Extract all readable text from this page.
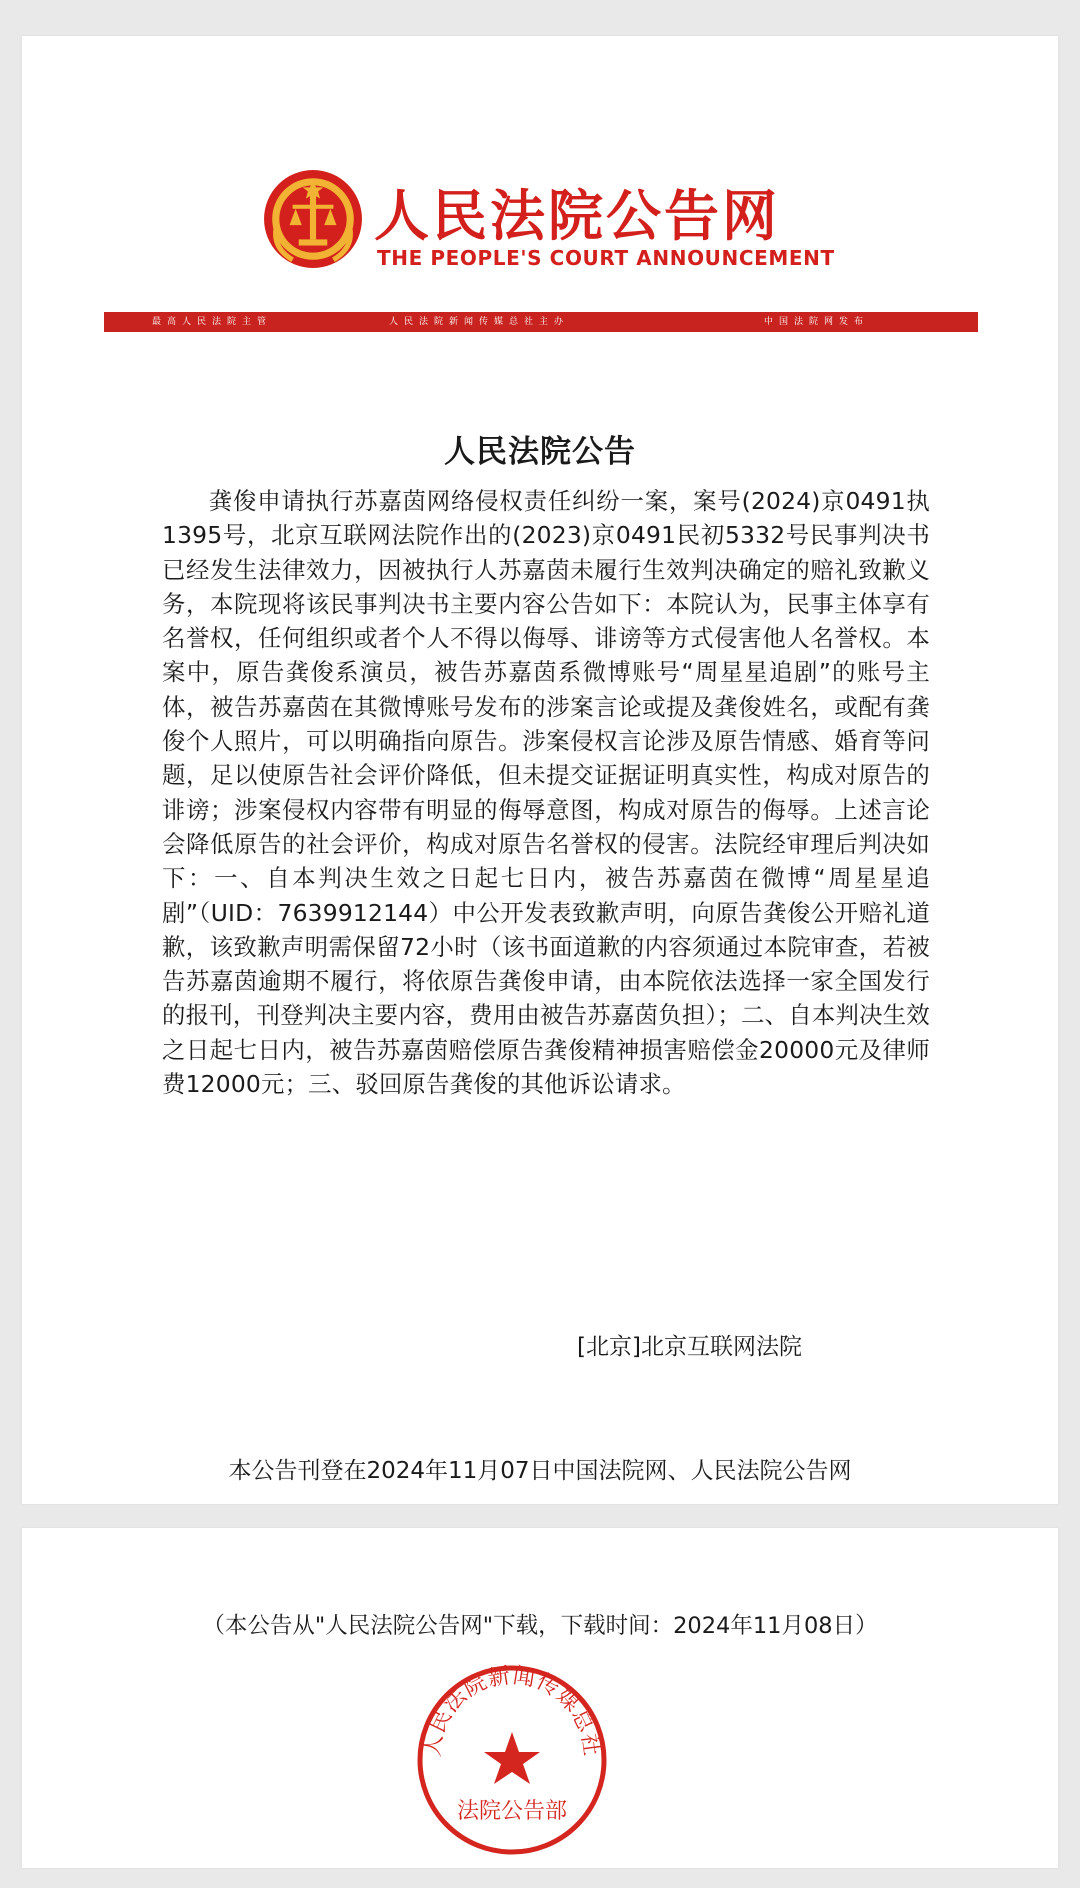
人民法院公告网
THE PEOPLE'S COURT ANNOUNCEMENT
最高人民法院主管	人民法院新闻传媒总社主办	中国法院网发布
人民法院公告

龚俊申请执行苏嘉茵网络侵权责任纠纷一案，案号(2024)京0491执1395号，北京互联网法院作出的(2023)京0491民初5332号民事判决书已经发生法律效力，因被执行人苏嘉茵未履行生效判决确定的赔礼致歉义务，本院现将该民事判决书主要内容公告如下：本院认为，民事主体享有名誉权，任何组织或者个人不得以侮辱、诽谤等方式侵害他人名誉权。本案中，原告龚俊系演员，被告苏嘉茵系微博账号“周星星追剧”的账号主体，被告苏嘉茵在其微博账号发布的涉案言论或提及龚俊姓名，或配有龚俊个人照片，可以明确指向原告。涉案侵权言论涉及原告情感、婚育等问题，足以使原告社会评价降低，但未提交证据证明真实性，构成对原告的诽谤；涉案侵权内容带有明显的侮辱意图，构成对原告的侮辱。上述言论会降低原告的社会评价，构成对原告名誉权的侵害。法院经审理后判决如下：一、自本判决生效之日起七日内，被告苏嘉茵在微博“周星星追剧”（UID：7639912144）中公开发表致歉声明，向原告龚俊公开赔礼道歉，该致歉声明需保留72小时（该书面道歉的内容须通过本院审查，若被告苏嘉茵逾期不履行，将依原告龚俊申请，由本院依法选择一家全国发行的报刊，刊登判决主要内容，费用由被告苏嘉茵负担）；二、自本判决生效之日起七日内，被告苏嘉茵赔偿原告龚俊精神损害赔偿金20000元及律师费12000元；三、驳回原告龚俊的其他诉讼请求。

[北京]北京互联网法院
本公告刊登在2024年11月07日中国法院网、人民法院公告网
（本公告从"人民法院公告网"下载，下载时间：2024年11月08日）
人民法院新闻传媒总社
法院公告部
